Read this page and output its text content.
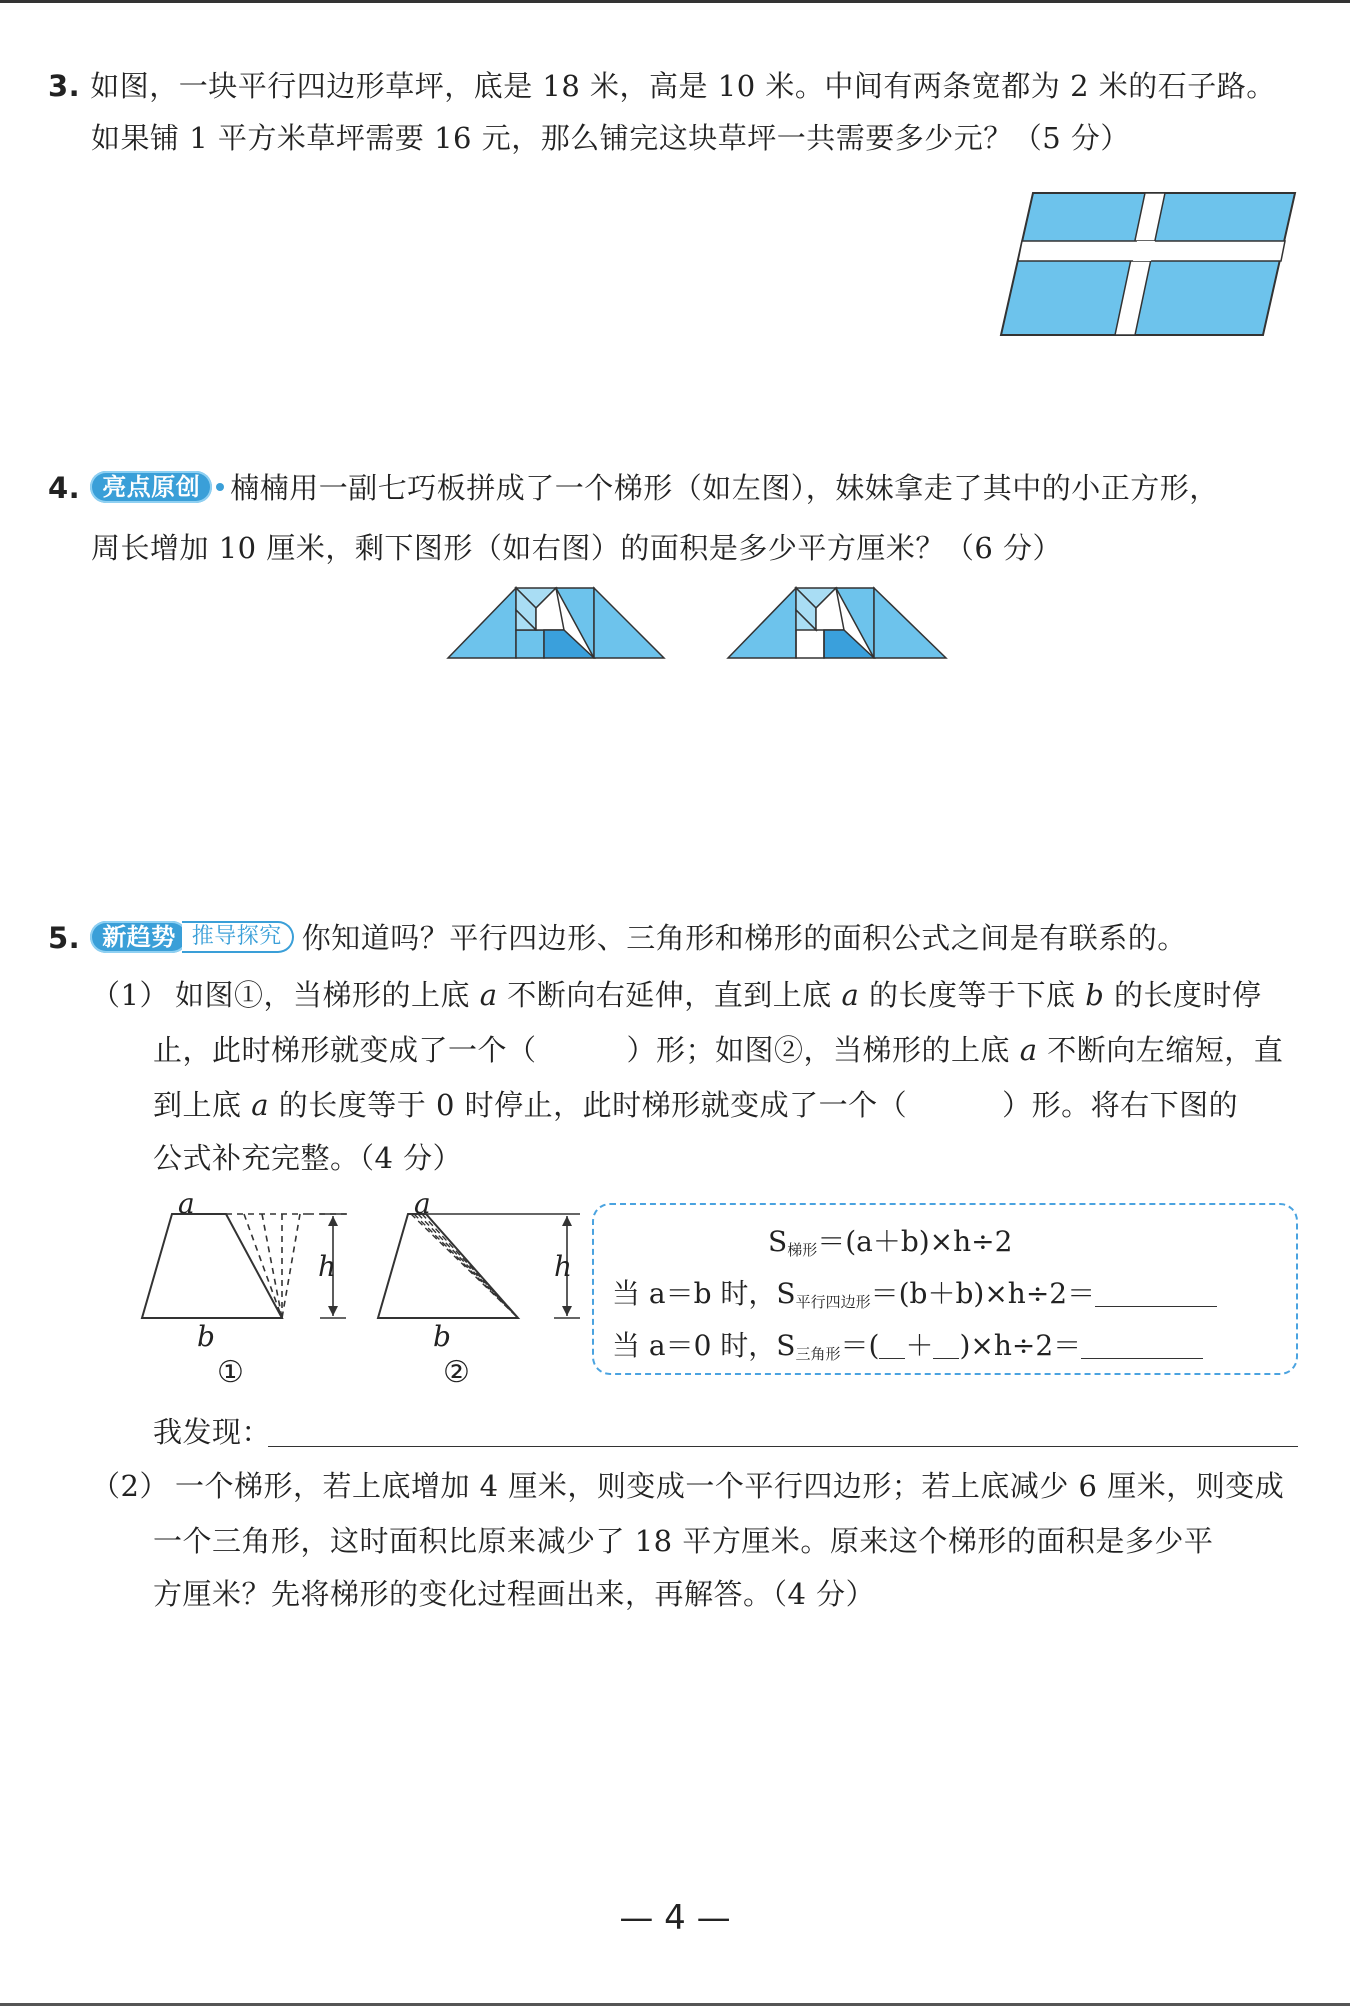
3. 如图，一块平行四边形草坪，底是 18 米，高是 10 米。中间有两条宽都为 2 米的石子路。
如果铺 1 平方米草坪需要 16 元，那么铺完这块草坪一共需要多少元？（5 分）
4. 亮点原创 楠楠用一副七巧板拼成了一个梯形（如左图），妹妹拿走了其中的小正方形，
周长增加 10 厘米，剩下图形（如右图）的面积是多少平方厘米？（6 分）
5. 新趋势 推导探究 你知道吗？平行四边形、三角形和梯形的面积公式之间是有联系的。
（1） 如图①，当梯形的上底 a 不断向右延伸，直到上底 a 的长度等于下底 b 的长度时停
止，此时梯形就变成了一个（	）形；如图②，当梯形的上底 a 不断向左缩短，直
到上底 a 的长度等于 0 时停止，此时梯形就变成了一个（	）形。将右下图的
公式补充完整。（4 分）
a
b
h
①
a
b
h
②
$S_{梯形}=(a+b)\times h\div 2$
当 a＝b 时，$S_{平行四边形}=(b+b)\times h\div 2=$
当 a＝0 时，$S_{三角形}=( + )\times h\div 2=$
我发现：
（2） 一个梯形，若上底增加 4 厘米，则变成一个平行四边形；若上底减少 6 厘米，则变成
一个三角形，这时面积比原来减少了 18 平方厘米。原来这个梯形的面积是多少平
方厘米？先将梯形的变化过程画出来，再解答。（4 分）
— 4 —
